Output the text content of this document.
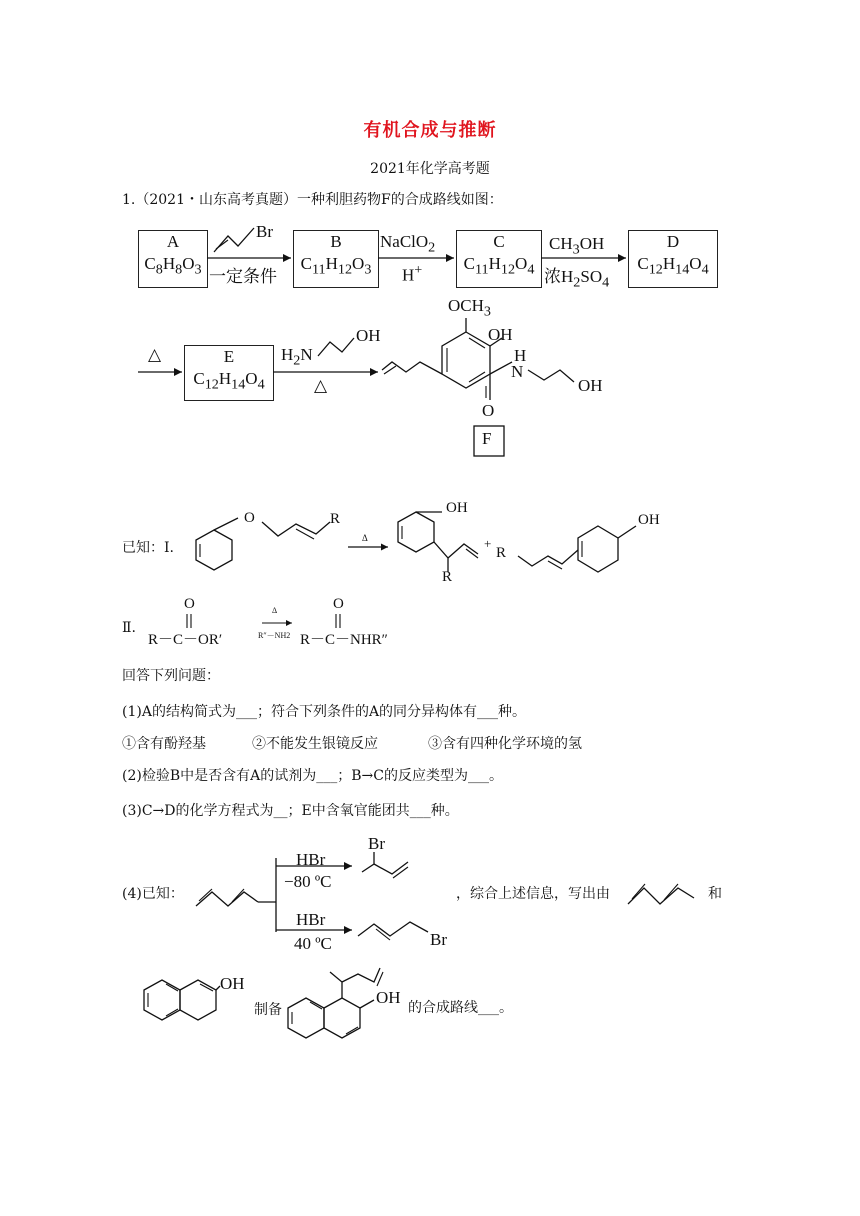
有机合成与推断
2021年化学高考题
1.（2021・山东高考真题）一种利胆药物F的合成路线如图：
A
$C_8H_8O_3$
B
$C_{11}H_{12}O_3$
C
$C_{11}H_{12}O_4$
D
$C_{12}H_{14}O_4$
Br
一定条件
NaClO$_2$
H+
$CH_3OH$
浓$H_2SO_4$
△	E
$C_{12}H_{14}O_4$
$H_2N$
OH
△
$OCH_3$
OH
H
N
O
OH
F
已知：Ⅰ.
O	R
Δ
OH
R
+
R
OH
Ⅱ.
O
R－C－OR′
Δ
R″－NH2
O
R－C－NHR″
回答下列问题：
(1)A的结构简式为___；符合下列条件的A的同分异构体有___种。
①含有酚羟基	②不能发生银镜反应	③含有四种化学环境的氢
(2)检验B中是否含有A的试剂为___；B→C的反应类型为___。
(3)C→D的化学方程式为__；E中含氧官能团共___种。
(4)已知：
HBr
−80 ºC
Br
HBr
40 ºC	Br
，综合上述信息，写出由	和
OH
制备
OH
的合成路线___。
